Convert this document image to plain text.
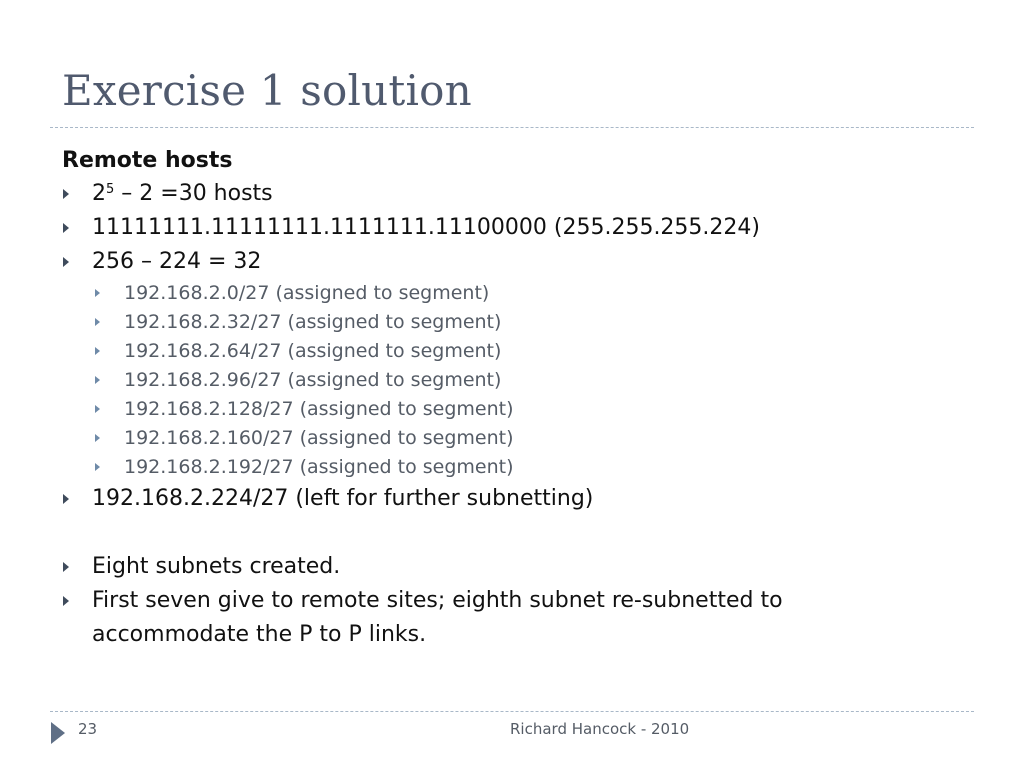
Exercise 1 solution
Remote hosts
$2^5 - 2 =30$ hosts
11111111.11111111.1111111.11100000 (255.255.255.224)
256 – 224 = 32
192.168.2.0/27 (assigned to segment)
192.168.2.32/27 (assigned to segment)
192.168.2.64/27 (assigned to segment)
192.168.2.96/27 (assigned to segment)
192.168.2.128/27 (assigned to segment)
192.168.2.160/27 (assigned to segment)
192.168.2.192/27 (assigned to segment)
192.168.2.224/27 (left for further subnetting)
Eight subnets created.
First seven give to remote sites; eighth subnet re-subnetted to accommodate the P to P links.
23	Richard Hancock - 2010
